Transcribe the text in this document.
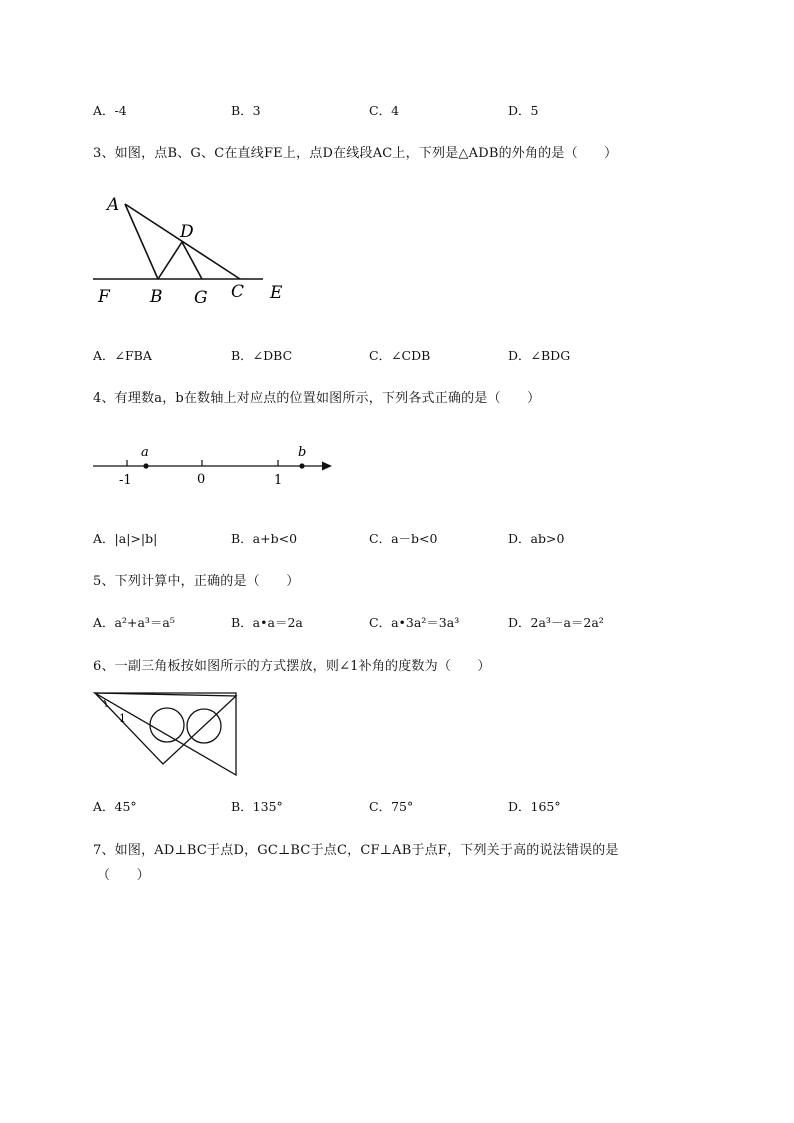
A．-4	B．3	C．4	D．5
3、如图，点B、G、C在直线FE上，点D在线段AC上，下列是△ADB的外角的是（　　）
A
D
F B G C E
A．∠FBA	B．∠DBC	C．∠CDB	D．∠BDG
4、有理数a，b在数轴上对应点的位置如图所示，下列各式正确的是（　　）
a	b
-1	0	1
A．|a|>|b|	B．a+b<0	C．a－b<0	D．ab>0
5、下列计算中，正确的是（　　）
A．a²+a³＝a⁵	B．a•a＝2a	C．a•3a²＝3a³	D．2a³－a＝2a²
6、一副三角板按如图所示的方式摆放，则∠1补角的度数为（　　）
1
A．45°	B．135°	C．75°	D．165°
7、如图，AD⊥BC于点D，GC⊥BC于点C，CF⊥AB于点F，下列关于高的说法错误的是
（　　）
